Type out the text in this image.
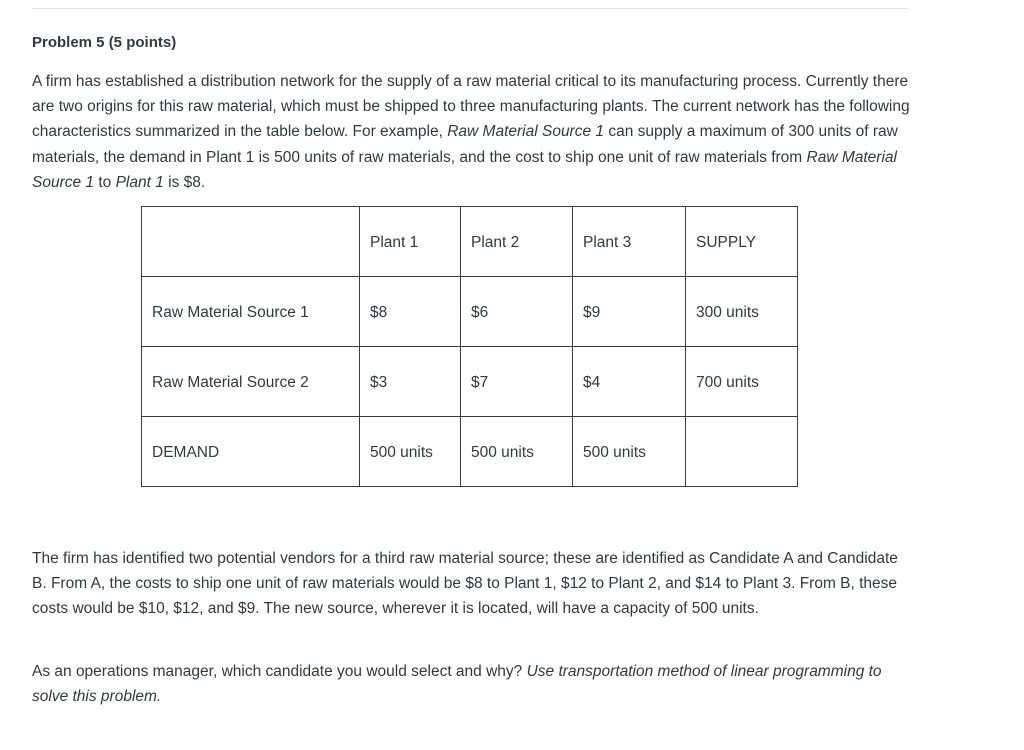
Problem 5 (5 points)

A firm has established a distribution network for the supply of a raw material critical to its manufacturing process. Currently there are two origins for this raw material, which must be shipped to three manufacturing plants. The current network has the following characteristics summarized in the table below. For example, Raw Material Source 1 can supply a maximum of 300 units of raw materials, the demand in Plant 1 is 500 units of raw materials, and the cost to ship one unit of raw materials from Raw Material Source 1 to Plant 1 is $8.

	Plant 1	Plant 2	Plant 3	SUPPLY
Raw Material Source 1	$8	$6	$9	300 units
Raw Material Source 2	$3	$7	$4	700 units
DEMAND	500 units	500 units	500 units	

The firm has identified two potential vendors for a third raw material source; these are identified as Candidate A and Candidate B. From A, the costs to ship one unit of raw materials would be $8 to Plant 1, $12 to Plant 2, and $14 to Plant 3. From B, these costs would be $10, $12, and $9. The new source, wherever it is located, will have a capacity of 500 units.

As an operations manager, which candidate you would select and why? Use transportation method of linear programming to solve this problem.
